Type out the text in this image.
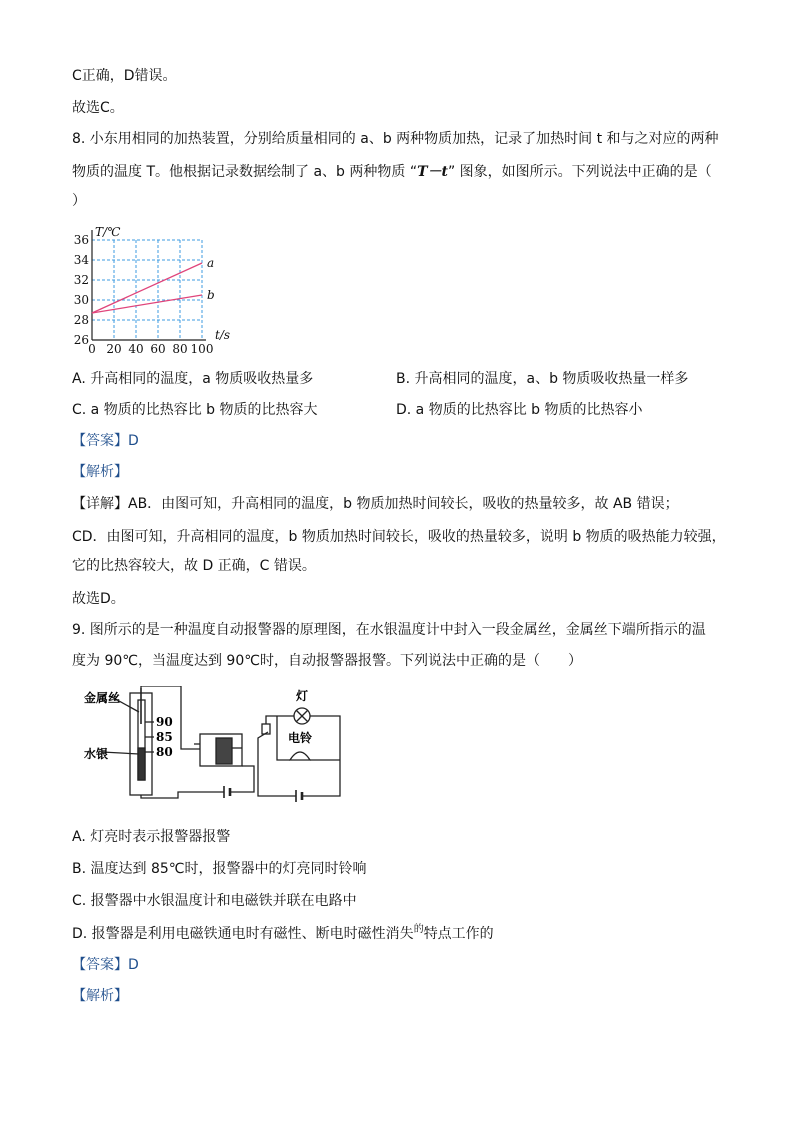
C正确，D错误。
故选C。
8. 小东用相同的加热装置，分别给质量相同的 a、b 两种物质加热，记录了加热时间 t 和与之对应的两种
物质的温度 T。他根据记录数据绘制了 a、b 两种物质 “T－t” 图象，如图所示。下列说法中正确的是（
）
0 20 40 60 80 100
26
28
30
32
34
36
T/℃
t/s
a
b
A. 升高相同的温度，a 物质吸收热量多	B. 升高相同的温度，a、b 物质吸收热量一样多
C. a 物质的比热容比 b 物质的比热容大	D. a 物质的比热容比 b 物质的比热容小
【答案】D
【解析】
【详解】AB．由图可知，升高相同的温度，b 物质加热时间较长，吸收的热量较多，故 AB 错误；
CD．由图可知，升高相同的温度，b 物质加热时间较长，吸收的热量较多，说明 b 物质的吸热能力较强，
它的比热容较大，故 D 正确，C 错误。
故选D。
9. 图所示的是一种温度自动报警器的原理图，在水银温度计中封入一段金属丝，金属丝下端所指示的温
度为 90℃，当温度达到 90℃时，自动报警器报警。下列说法中正确的是（　　）
金属丝
水银
90
85
80
灯
电铃
A. 灯亮时表示报警器报警
B. 温度达到 85℃时，报警器中的灯亮同时铃响
C. 报警器中水银温度计和电磁铁并联在电路中
D. 报警器是利用电磁铁通电时有磁性、断电时磁性消失$^的$特点工作的
【答案】D
【解析】
